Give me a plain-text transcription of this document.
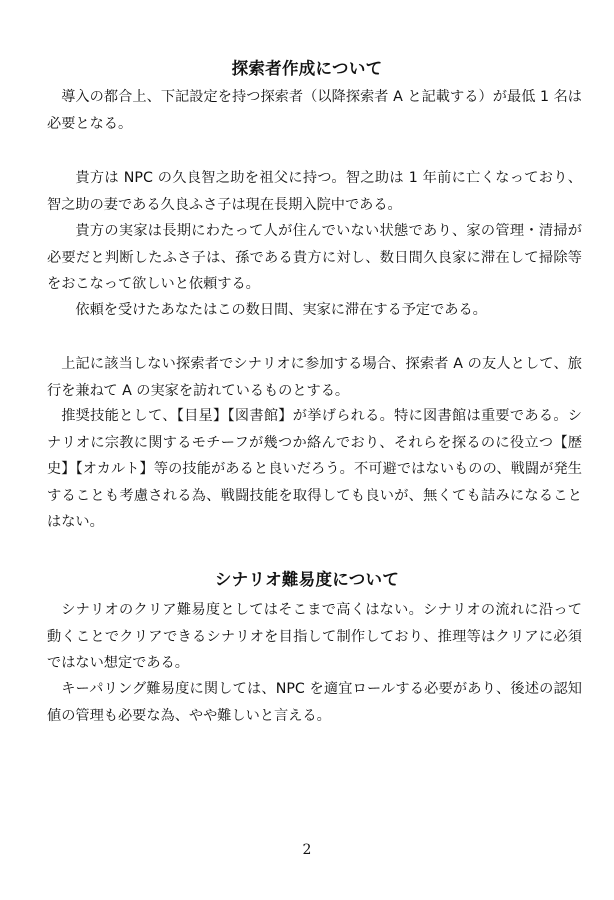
探索者作成について

導入の都合上、下記設定を持つ探索者（以降探索者 A と記載する）が最低 1 名は必要となる。

貴方は NPC の久良智之助を祖父に持つ。智之助は 1 年前に亡くなっており、智之助の妻である久良ふさ子は現在長期入院中である。

貴方の実家は長期にわたって人が住んでいない状態であり、家の管理・清掃が必要だと判断したふさ子は、孫である貴方に対し、数日間久良家に滞在して掃除等をおこなって欲しいと依頼する。

依頼を受けたあなたはこの数日間、実家に滞在する予定である。

上記に該当しない探索者でシナリオに参加する場合、探索者 A の友人として、旅行を兼ねて A の実家を訪れているものとする。

推奨技能として、【目星】【図書館】が挙げられる。特に図書館は重要である。シナリオに宗教に関するモチーフが幾つか絡んでおり、それらを探るのに役立つ【歴史】【オカルト】等の技能があると良いだろう。不可避ではないものの、戦闘が発生することも考慮される為、戦闘技能を取得しても良いが、無くても詰みになることはない。

シナリオ難易度について

シナリオのクリア難易度としてはそこまで高くはない。シナリオの流れに沿って動くことでクリアできるシナリオを目指して制作しており、推理等はクリアに必須ではない想定である。

キーパリング難易度に関しては、NPC を適宜ロールする必要があり、後述の認知値の管理も必要な為、やや難しいと言える。

2
